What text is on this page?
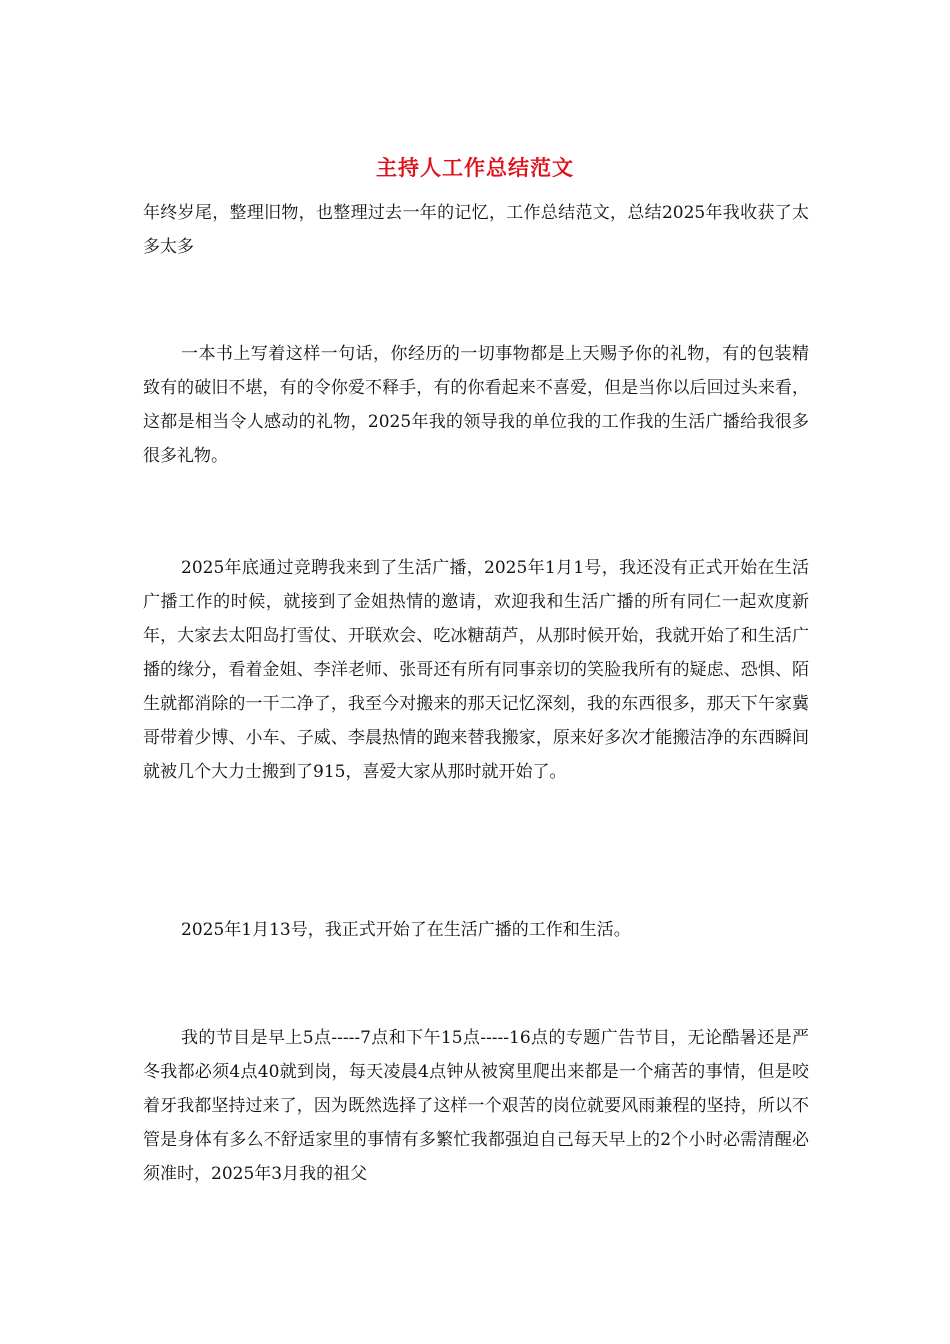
主持人工作总结范文

年终岁尾，整理旧物，也整理过去一年的记忆，工作总结范文，总结2025年我收获了太多太多

一本书上写着这样一句话，你经历的一切事物都是上天赐予你的礼物，有的包装精致有的破旧不堪，有的令你爱不释手，有的你看起来不喜爱，但是当你以后回过头来看，这都是相当令人感动的礼物，2025年我的领导我的单位我的工作我的生活广播给我很多很多礼物。

2025年底通过竞聘我来到了生活广播，2025年1月1号，我还没有正式开始在生活广播工作的时候，就接到了金姐热情的邀请，欢迎我和生活广播的所有同仁一起欢度新年，大家去太阳岛打雪仗、开联欢会、吃冰糖葫芦，从那时候开始，我就开始了和生活广播的缘分，看着金姐、李洋老师、张哥还有所有同事亲切的笑脸我所有的疑虑、恐惧、陌生就都消除的一干二净了，我至今对搬来的那天记忆深刻，我的东西很多，那天下午家冀哥带着少博、小车、子威、李晨热情的跑来替我搬家，原来好多次才能搬洁净的东西瞬间就被几个大力士搬到了915，喜爱大家从那时就开始了。

2025年1月13号，我正式开始了在生活广播的工作和生活。

我的节目是早上5点-----7点和下午15点-----16点的专题广告节目，无论酷暑还是严冬我都必须4点40就到岗，每天凌晨4点钟从被窝里爬出来都是一个痛苦的事情，但是咬着牙我都坚持过来了，因为既然选择了这样一个艰苦的岗位就要风雨兼程的坚持，所以不管是身体有多么不舒适家里的事情有多繁忙我都强迫自己每天早上的2个小时必需清醒必须准时，2025年3月我的祖父
